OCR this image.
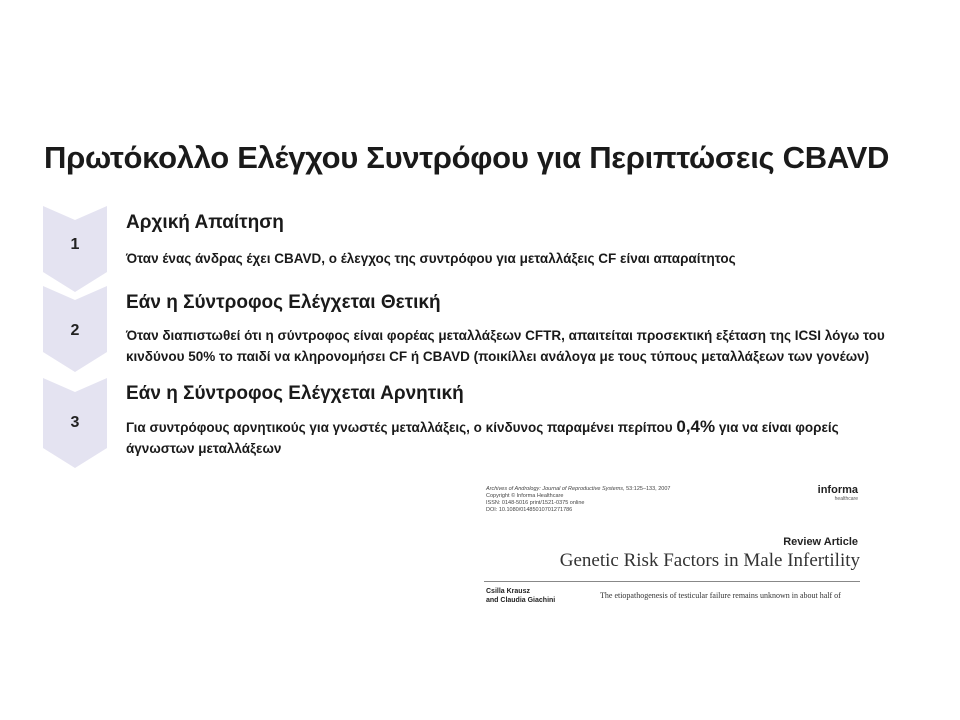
Πρωτόκολλο Ελέγχου Συντρόφου για Περιπτώσεις CBAVD
1
Αρχική Απαίτηση
Όταν ένας άνδρας έχει CBAVD, ο έλεγχος της συντρόφου για μεταλλάξεις CF είναι απαραίτητος
2
Εάν η Σύντροφος Ελέγχεται Θετική
Όταν διαπιστωθεί ότι η σύντροφος είναι φορέας μεταλλάξεων CFTR, απαιτείται προσεκτική εξέταση της ICSI λόγω του κινδύνου 50% το παιδί να κληρονομήσει CF ή CBAVD (ποικίλλει ανάλογα με τους τύπους μεταλλάξεων των γονέων)
3
Εάν η Σύντροφος Ελέγχεται Αρνητική
Για συντρόφους αρνητικούς για γνωστές μεταλλάξεις, ο κίνδυνος παραμένει περίπου 0,4% για να είναι φορείς άγνωστων μεταλλάξεων
Archives of Andrology: Journal of Reproductive Systems, 53:125–133, 2007
Copyright © Informa Healthcare
ISSN: 0148-5016 print/1521-0375 online
DOI: 10.1080/01485010701271786
informa
healthcare
Review Article
Genetic Risk Factors in Male Infertility
Csilla Krausz
and Claudia Giachini
The etiopathogenesis of testicular failure remains unknown in about half of
